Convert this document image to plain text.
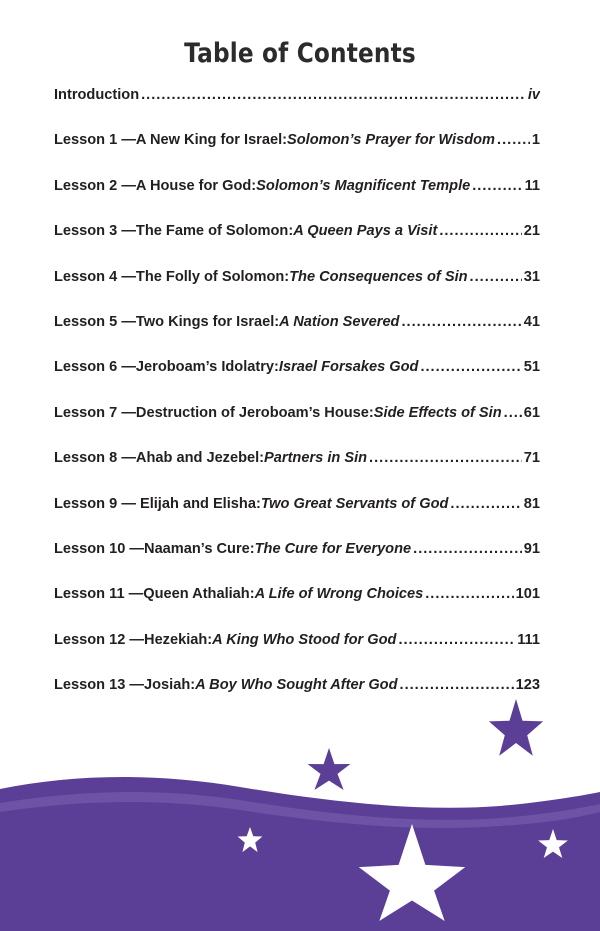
Table of Contents
Introduction .....	iv
Lesson 1 —A New King for Israel: Solomon’s Prayer for Wisdom .....	1
Lesson 2 —A House for God: Solomon’s Magnificent Temple .....	11
Lesson 3 —The Fame of Solomon: A Queen Pays a Visit .....	21
Lesson 4 —The Folly of Solomon: The Consequences of Sin .....	31
Lesson 5 —Two Kings for Israel: A Nation Severed .....	41
Lesson 6 —Jeroboam’s Idolatry: Israel Forsakes God .....	51
Lesson 7 —Destruction of Jeroboam’s House: Side Effects of Sin ..... 61
Lesson 8 —Ahab and Jezebel: Partners in Sin .....	71
Lesson 9 — Elijah and Elisha: Two Great Servants of God .....	81
Lesson 10 —Naaman’s Cure: The Cure for Everyone .....	91
Lesson 11 —Queen Athaliah: A Life of Wrong Choices .....	101
Lesson 12 —Hezekiah: A King Who Stood for God .....	111
Lesson 13 —Josiah: A Boy Who Sought After God .....	123
